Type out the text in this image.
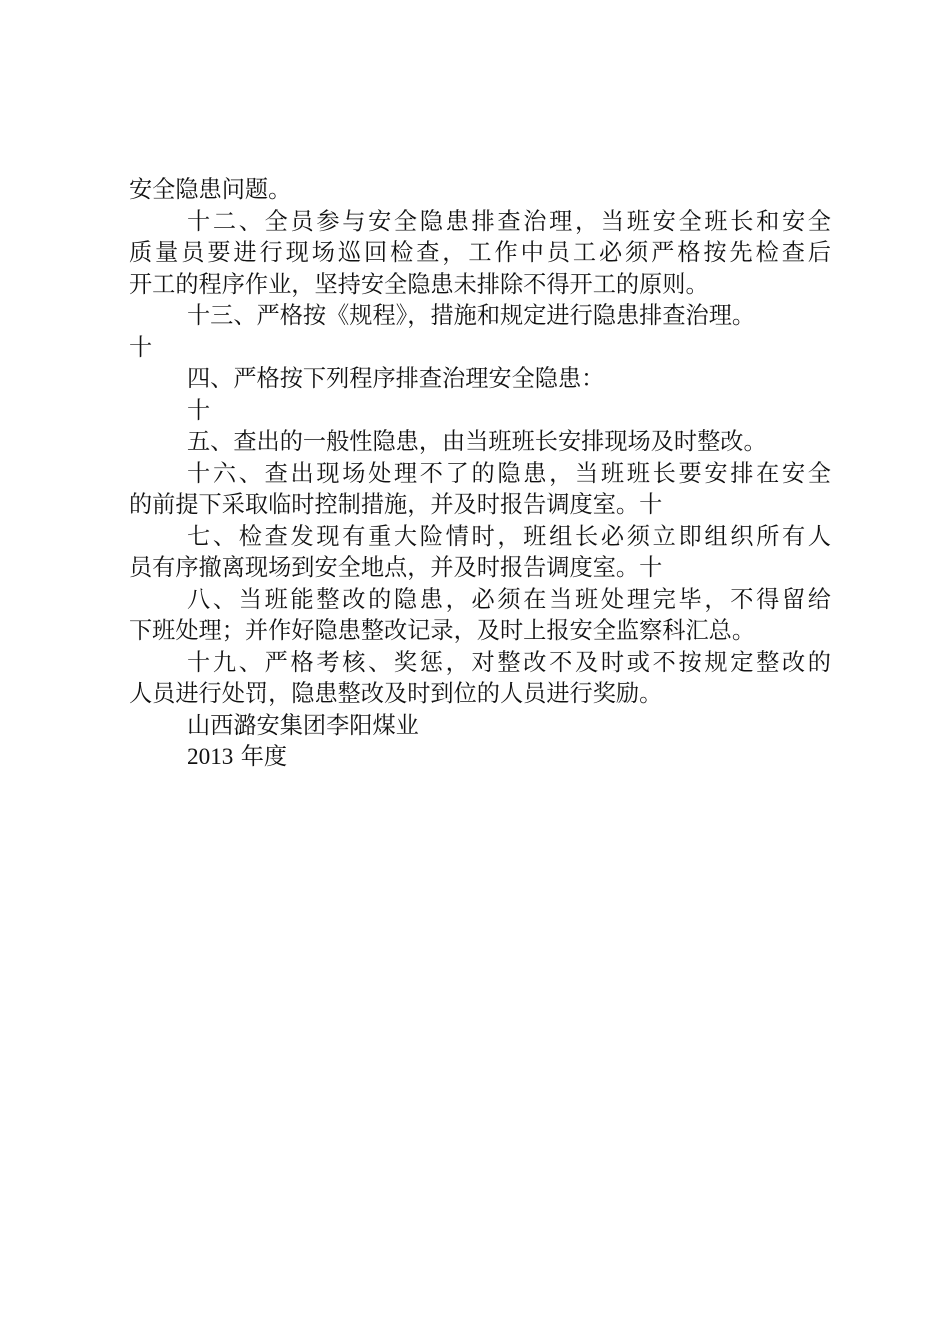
安全隐患问题。
十二、全员参与安全隐患排查治理，当班安全班长和安全
质量员要进行现场巡回检查，工作中员工必须严格按先检查后
开工的程序作业，坚持安全隐患未排除不得开工的原则。
十三、严格按《规程》，措施和规定进行隐患排查治理。
十
四、严格按下列程序排查治理安全隐患：
十
五、查出的一般性隐患，由当班班长安排现场及时整改。
十六、查出现场处理不了的隐患，当班班长要安排在安全
的前提下采取临时控制措施，并及时报告调度室。十
七、检查发现有重大险情时，班组长必须立即组织所有人
员有序撤离现场到安全地点，并及时报告调度室。十
八、当班能整改的隐患，必须在当班处理完毕，不得留给
下班处理；并作好隐患整改记录，及时上报安全监察科汇总。
十九、严格考核、奖惩，对整改不及时或不按规定整改的
人员进行处罚，隐患整改及时到位的人员进行奖励。
山西潞安集团李阳煤业
2013 年度
